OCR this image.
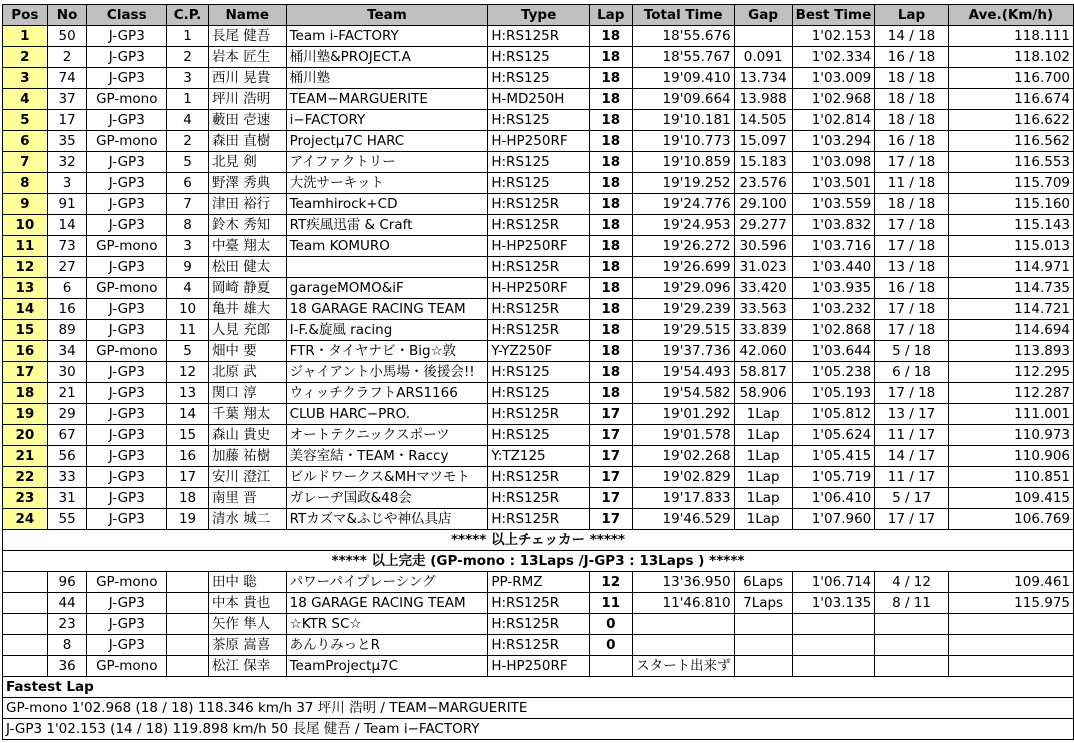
Pos	No	Class	C.P.	Name	Team	Type	Lap	Total Time	Gap	Best Time	Lap	Ave.(Km/h)
1	50	J-GP3	1	長尾 健吾	Team i-FACTORY	H:RS125R	18	18'55.676		1'02.153	14 / 18	118.111
2	2	J-GP3	2	岩本 匠生	桶川塾&PROJECT.A	H:RS125	18	18'55.767	0.091	1'02.334	16 / 18	118.102
3	74	J-GP3	3	西川 晃貴	桶川塾	H:RS125	18	19'09.410	13.734	1'03.009	18 / 18	116.700
4	37	GP-mono	1	坪川 浩明	TEAM−MARGUERITE	H-MD250H	18	19'09.664	13.988	1'02.968	18 / 18	116.674
5	17	J-GP3	4	藪田 壱速	i−FACTORY	H:RS125	18	19'10.181	14.505	1'02.814	18 / 18	116.622
6	35	GP-mono	2	森田 直樹	Projectμ7C HARC	H-HP250RF	18	19'10.773	15.097	1'03.294	16 / 18	116.562
7	32	J-GP3	5	北見 剣	アイファクトリー	H:RS125	18	19'10.859	15.183	1'03.098	17 / 18	116.553
8	3	J-GP3	6	野澤 秀典	大洗サーキット	H:RS125	18	19'19.252	23.576	1'03.501	11 / 18	115.709
9	91	J-GP3	7	津田 裕行	Teamhirock+CD	H:RS125R	18	19'24.776	29.100	1'03.559	18 / 18	115.160
10	14	J-GP3	8	鈴木 秀知	RT疾風迅雷 & Craft	H:RS125R	18	19'24.953	29.277	1'03.832	17 / 18	115.143
11	73	GP-mono	3	中臺 翔太	Team KOMURO	H-HP250RF	18	19'26.272	30.596	1'03.716	17 / 18	115.013
12	27	J-GP3	9	松田 健太		H:RS125R	18	19'26.699	31.023	1'03.440	13 / 18	114.971
13	6	GP-mono	4	岡崎 静夏	garageMOMO&iF	H-HP250RF	18	19'29.096	33.420	1'03.935	16 / 18	114.735
14	16	J-GP3	10	亀井 雄大	18 GARAGE RACING TEAM	H:RS125R	18	19'29.239	33.563	1'03.232	17 / 18	114.721
15	89	J-GP3	11	人見 充郎	I-F.&旋風 racing	H:RS125R	18	19'29.515	33.839	1'02.868	17 / 18	114.694
16	34	GP-mono	5	畑中 要	FTR・タイヤナビ・Big☆敦	Y-YZ250F	18	19'37.736	42.060	1'03.644	5 / 18	113.893
17	30	J-GP3	12	北原 武	ジャイアント小馬場・後援会!!	H:RS125	18	19'54.493	58.817	1'05.238	6 / 18	112.295
18	21	J-GP3	13	関口 淳	ウィッチクラフトARS1166	H:RS125	18	19'54.582	58.906	1'05.193	17 / 18	112.287
19	29	J-GP3	14	千葉 翔太	CLUB HARC−PRO.	H:RS125R	17	19'01.292	1Lap	1'05.812	13 / 17	111.001
20	67	J-GP3	15	森山 貴史	オートテクニックスポーツ	H:RS125	17	19'01.578	1Lap	1'05.624	11 / 17	110.973
21	56	J-GP3	16	加藤 祐樹	美容室結・TEAM・Raccy	Y:TZ125	17	19'02.268	1Lap	1'05.415	14 / 17	110.906
22	33	J-GP3	17	安川 澄江	ビルドワークス&MHマツモト	H:RS125R	17	19'02.829	1Lap	1'05.719	11 / 17	110.851
23	31	J-GP3	18	南里 晋	ガレーヂ国政&48会	H:RS125R	17	19'17.833	1Lap	1'06.410	5 / 17	109.415
24	55	J-GP3	19	清水 城二	RTカズマ&ふじや神仏具店	H:RS125R	17	19'46.529	1Lap	1'07.960	17 / 17	106.769
***** 以上チェッカー *****												
***** 以上完走 (GP-mono : 13Laps /J-GP3 : 13Laps ) *****												
	96	GP-mono		田中 聡	パワーパイプレーシング	PP-RMZ	12	13'36.950	6Laps	1'06.714	4 / 12	109.461
	44	J-GP3		中本 貴也	18 GARAGE RACING TEAM	H:RS125R	11	11'46.810	7Laps	1'03.135	8 / 11	115.975
	23	J-GP3		矢作 隼人	☆KTR SC☆	H:RS125R	0					
	8	J-GP3		茶原 嵩喜	あんりみっとR	H:RS125R	0					
	36	GP-mono		松江 保幸	TeamProjectμ7C	H-HP250RF		スタート出来ず				
Fastest Lap												
GP-mono 1'02.968 (18 / 18) 118.346 km/h 37 坪川 浩明 / TEAM−MARGUERITE												
J-GP3 1'02.153 (14 / 18) 119.898 km/h 50 長尾 健吾 / Team i−FACTORY												
